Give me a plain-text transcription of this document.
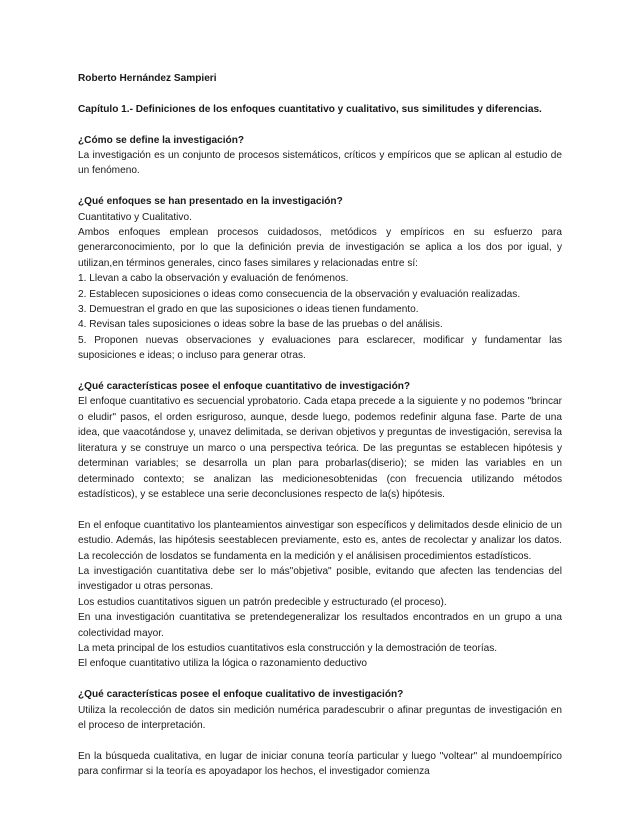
Roberto Hernández Sampieri

Capítulo 1.- Definiciones de los enfoques cuantitativo y cualitativo, sus similitudes y diferencias.

¿Cómo se define la investigación?

La investigación es un conjunto de procesos sistemáticos, críticos y empíricos que se aplican al estudio de un fenómeno.

¿Qué enfoques se han presentado en la investigación?

Cuantitativo y Cualitativo.

Ambos enfoques emplean procesos cuidadosos, metódicos y empíricos en su esfuerzo para generarconocimiento, por lo que la definición previa de investigación se aplica a los dos por igual, y utilizan,en términos generales, cinco fases similares y relacionadas entre sí:

1. Llevan a cabo la observación y evaluación de fenómenos.

2. Establecen suposiciones o ideas como consecuencia de la observación y evaluación realizadas.

3. Demuestran el grado en que las suposiciones o ideas tienen fundamento.

4. Revisan tales suposiciones o ideas sobre la base de las pruebas o del análisis.

5. Proponen nuevas observaciones y evaluaciones para esclarecer, modificar y fundamentar las suposiciones e ideas; o incluso para generar otras.

¿Qué características posee el enfoque cuantitativo de investigación?

El enfoque cuantitativo es secuencial yprobatorio. Cada etapa precede a la siguiente y no podemos "brincar o eludir" pasos, el orden esriguroso, aunque, desde luego, podemos redefinir alguna fase. Parte de una idea, que vaacotándose y, unavez delimitada, se derivan objetivos y preguntas de investigación, serevisa la literatura y se construye un marco o una perspectiva teórica. De las preguntas se establecen hipótesis y determinan variables; se desarrolla un plan para probarlas(diserio); se miden las variables en un determinado contexto; se analizan las medicionesobtenidas (con frecuencia utilizando métodos estadísticos), y se establece una serie deconclusiones respecto de la(s) hipótesis.

En el enfoque cuantitativo los planteamientos ainvestigar son específicos y delimitados desde elinicio de un estudio. Además, las hipótesis seestablecen previamente, esto es, antes de recolectar y analizar los datos. La recolección de losdatos se fundamenta en la medición y el análisisen procedimientos estadísticos.

La investigación cuantitativa debe ser lo más"objetiva" posible, evitando que afecten las tendencias del investigador u otras personas.

Los estudios cuantitativos siguen un patrón predecible y estructurado (el proceso).

En una investigación cuantitativa se pretendegeneralizar los resultados encontrados en un grupo a una colectividad mayor.

La meta principal de los estudios cuantitativos esla construcción y la demostración de teorías.

El enfoque cuantitativo utiliza la lógica o razonamiento deductivo

¿Qué características posee el enfoque cualitativo de investigación?

Utiliza la recolección de datos sin medición numérica paradescubrir o afinar preguntas de investigación en el proceso de interpretación.

En la búsqueda cualitativa, en lugar de iniciar conuna teoría particular y luego "voltear" al mundoempírico para confirmar si la teoría es apoyadapor los hechos, el investigador comienza
